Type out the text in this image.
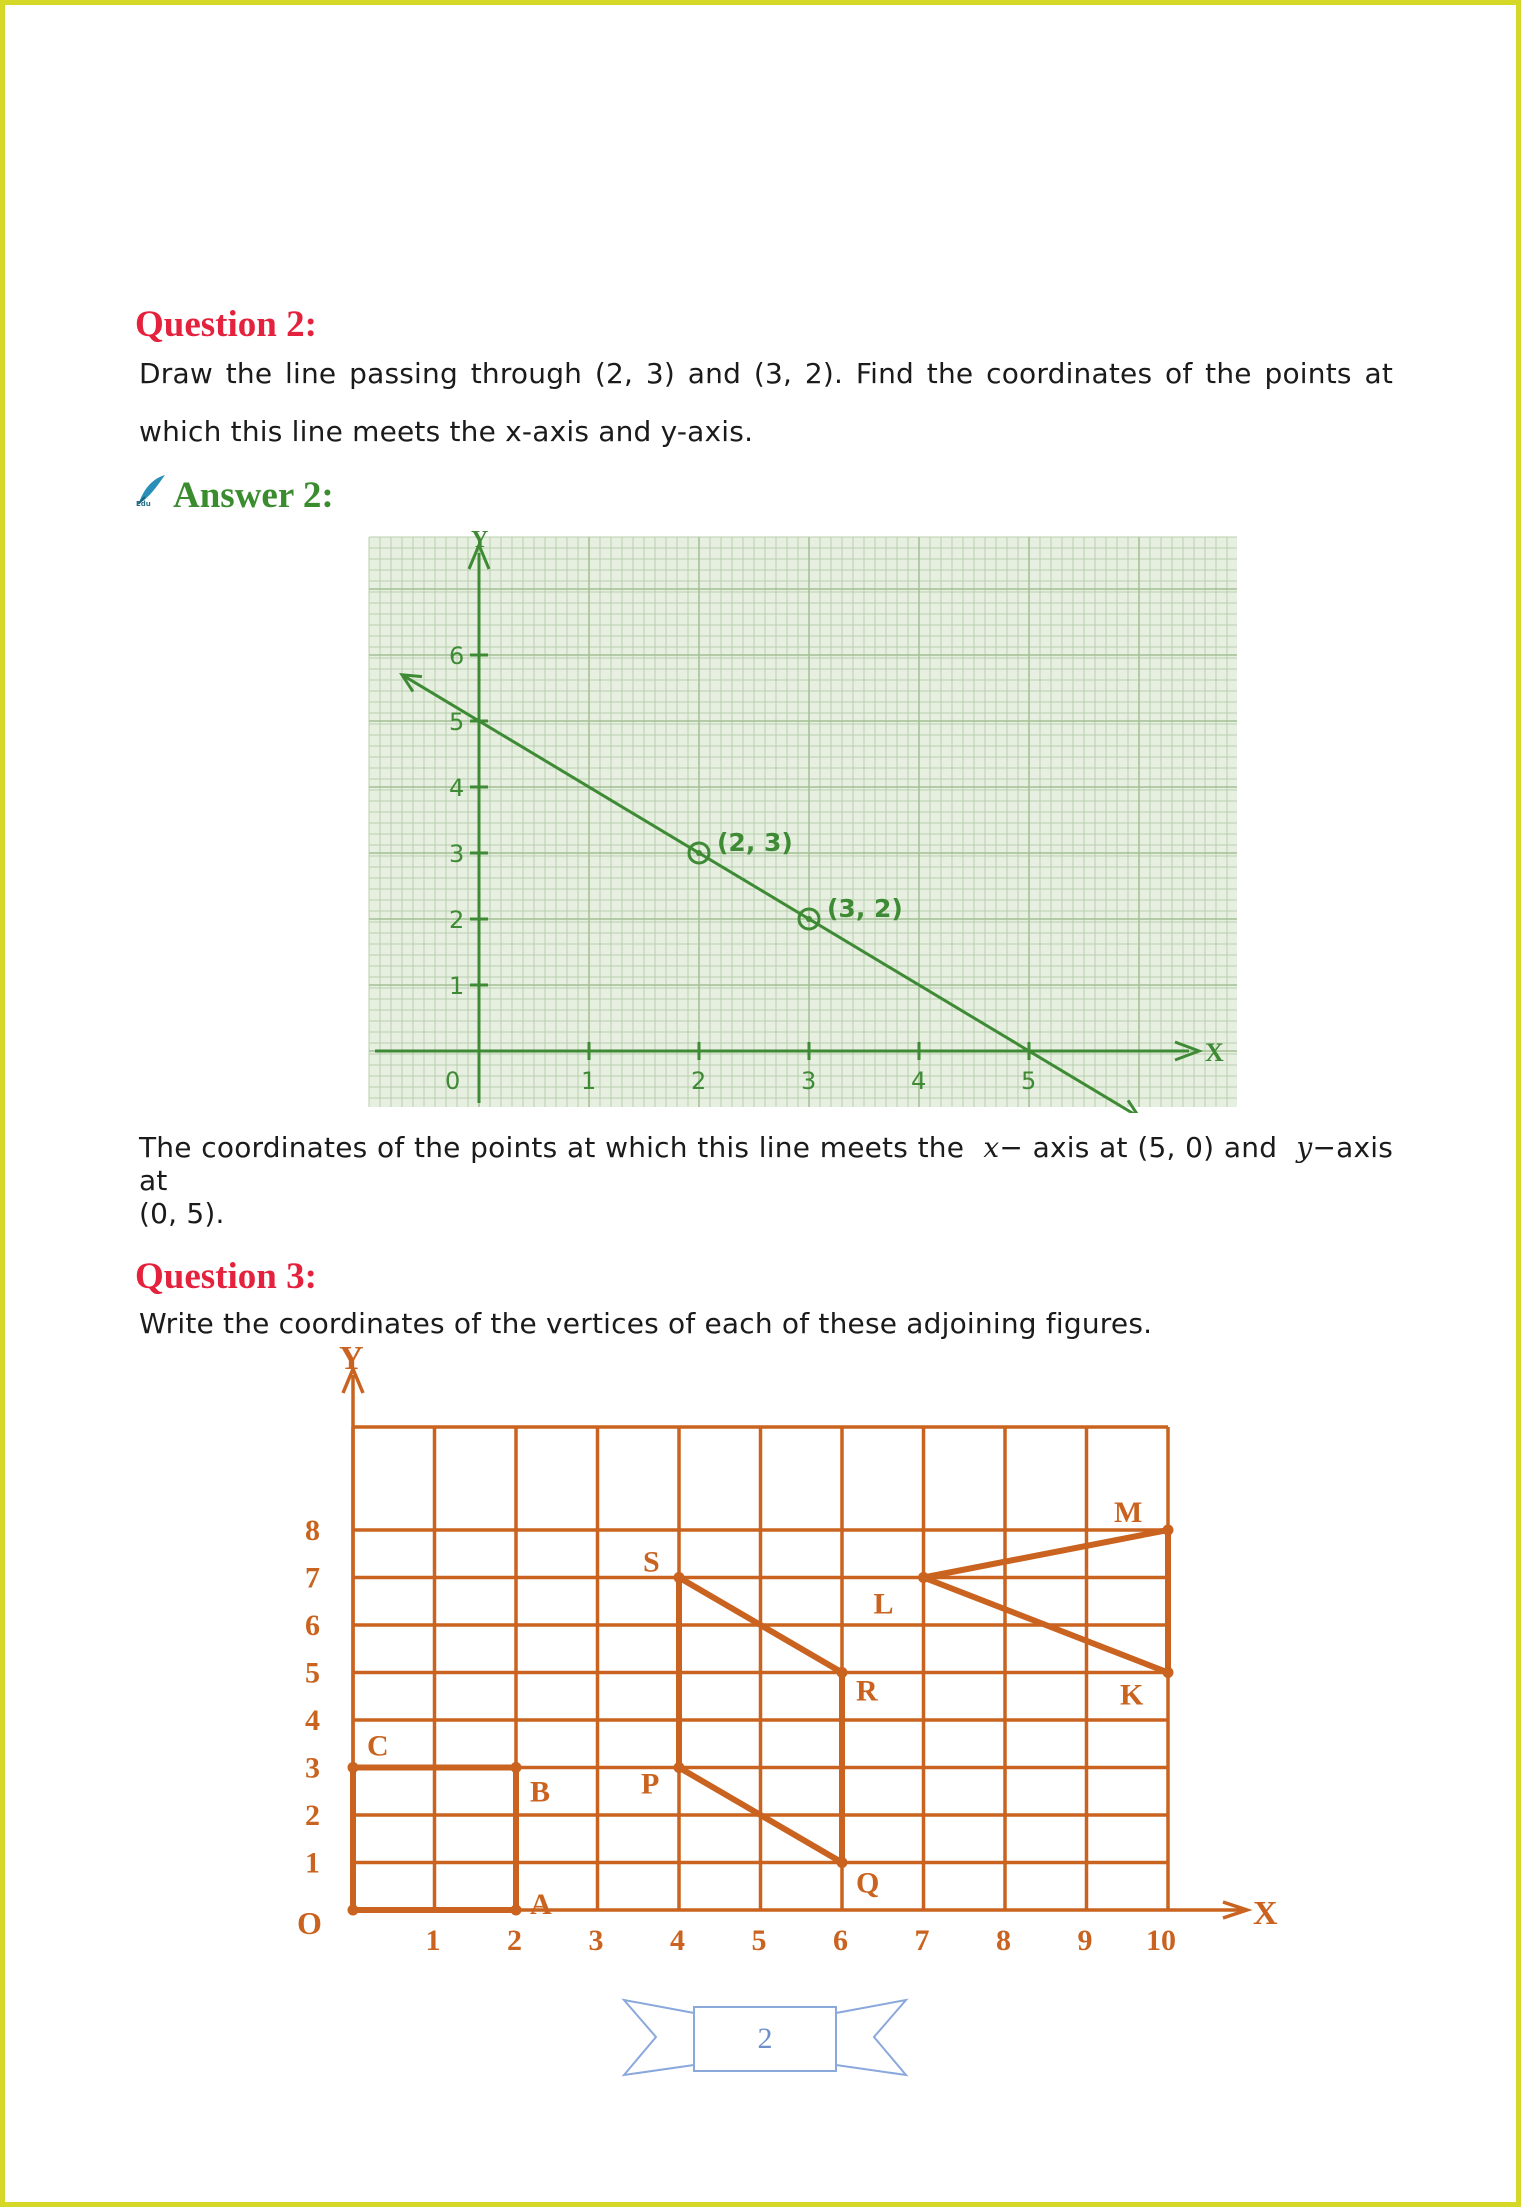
Question 2:

Draw the line passing through (2, 3) and (3, 2). Find the coordinates of the points at

which this line meets the x-axis and y-axis.

Edu Answer 2:
X
Y
0	1	2	3	4	5
1
2
3
4
5
6
(2, 3)
(3, 2)

The coordinates of the points at which this line meets the x− axis at (5, 0) and y−axis at

(0, 5).

Question 3:

Write the coordinates of the vertices of each of these adjoining figures.

X
Y
1 2 3 4 5 6 7 8 9 10
1
2
3
4
5
6
7
8
O
A
B
C
P
Q
R
S
K
L
M
2
